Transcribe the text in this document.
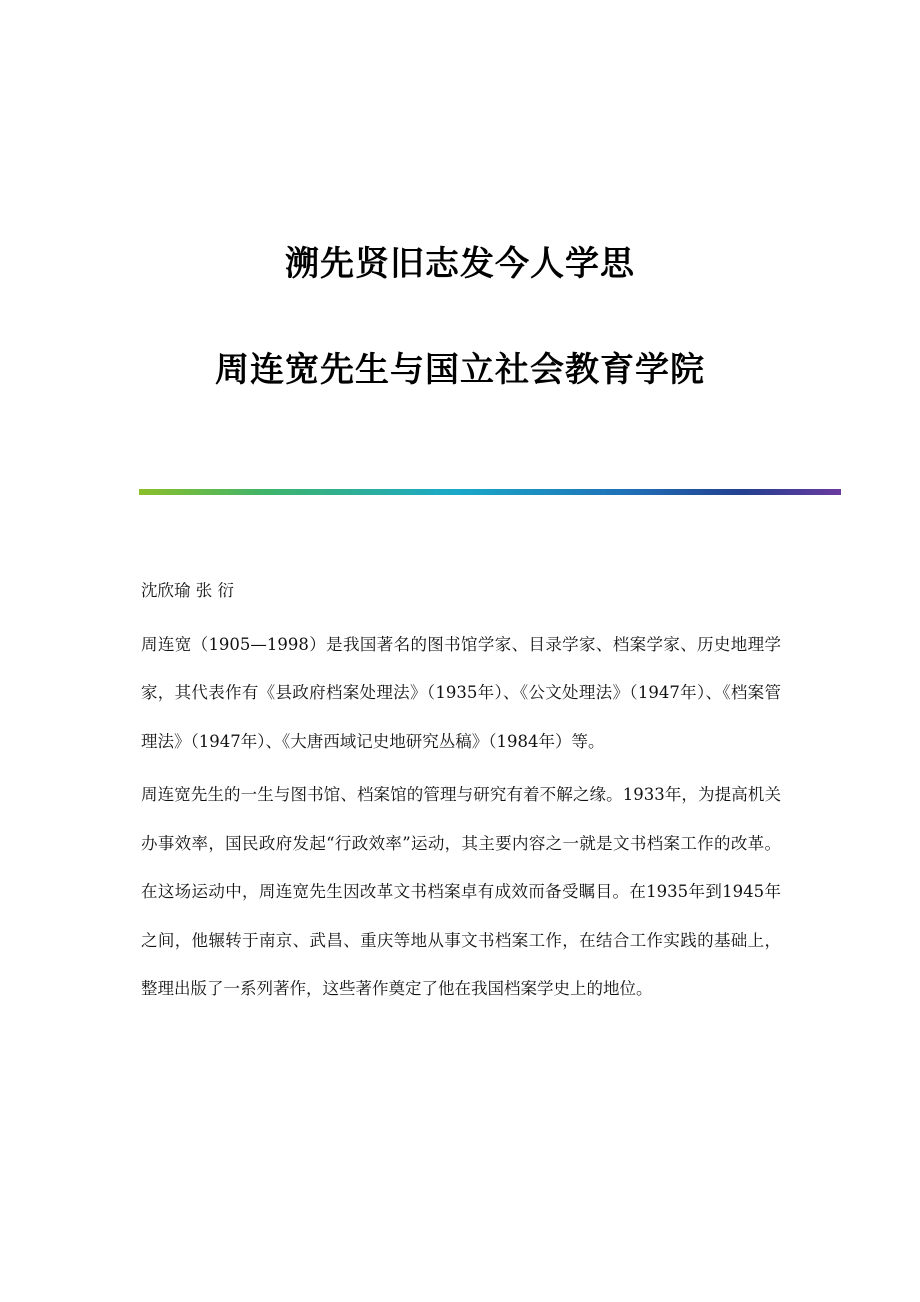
溯先贤旧志发今人学思
周连宽先生与国立社会教育学院

沈欣瑜 张 衍

周连宽（1905—1998）是我国著名的图书馆学家、目录学家、档案学家、历史地理学家，其代表作有《县政府档案处理法》（1935年）、《公文处理法》（1947年）、《档案管理法》（1947年）、《大唐西域记史地研究丛稿》（1984年）等。

周连宽先生的一生与图书馆、档案馆的管理与研究有着不解之缘。1933年，为提高机关办事效率，国民政府发起“行政效率”运动，其主要内容之一就是文书档案工作的改革。在这场运动中，周连宽先生因改革文书档案卓有成效而备受瞩目。在1935年到1945年之间，他辗转于南京、武昌、重庆等地从事文书档案工作，在结合工作实践的基础上，整理出版了一系列著作，这些著作奠定了他在我国档案学史上的地位。
